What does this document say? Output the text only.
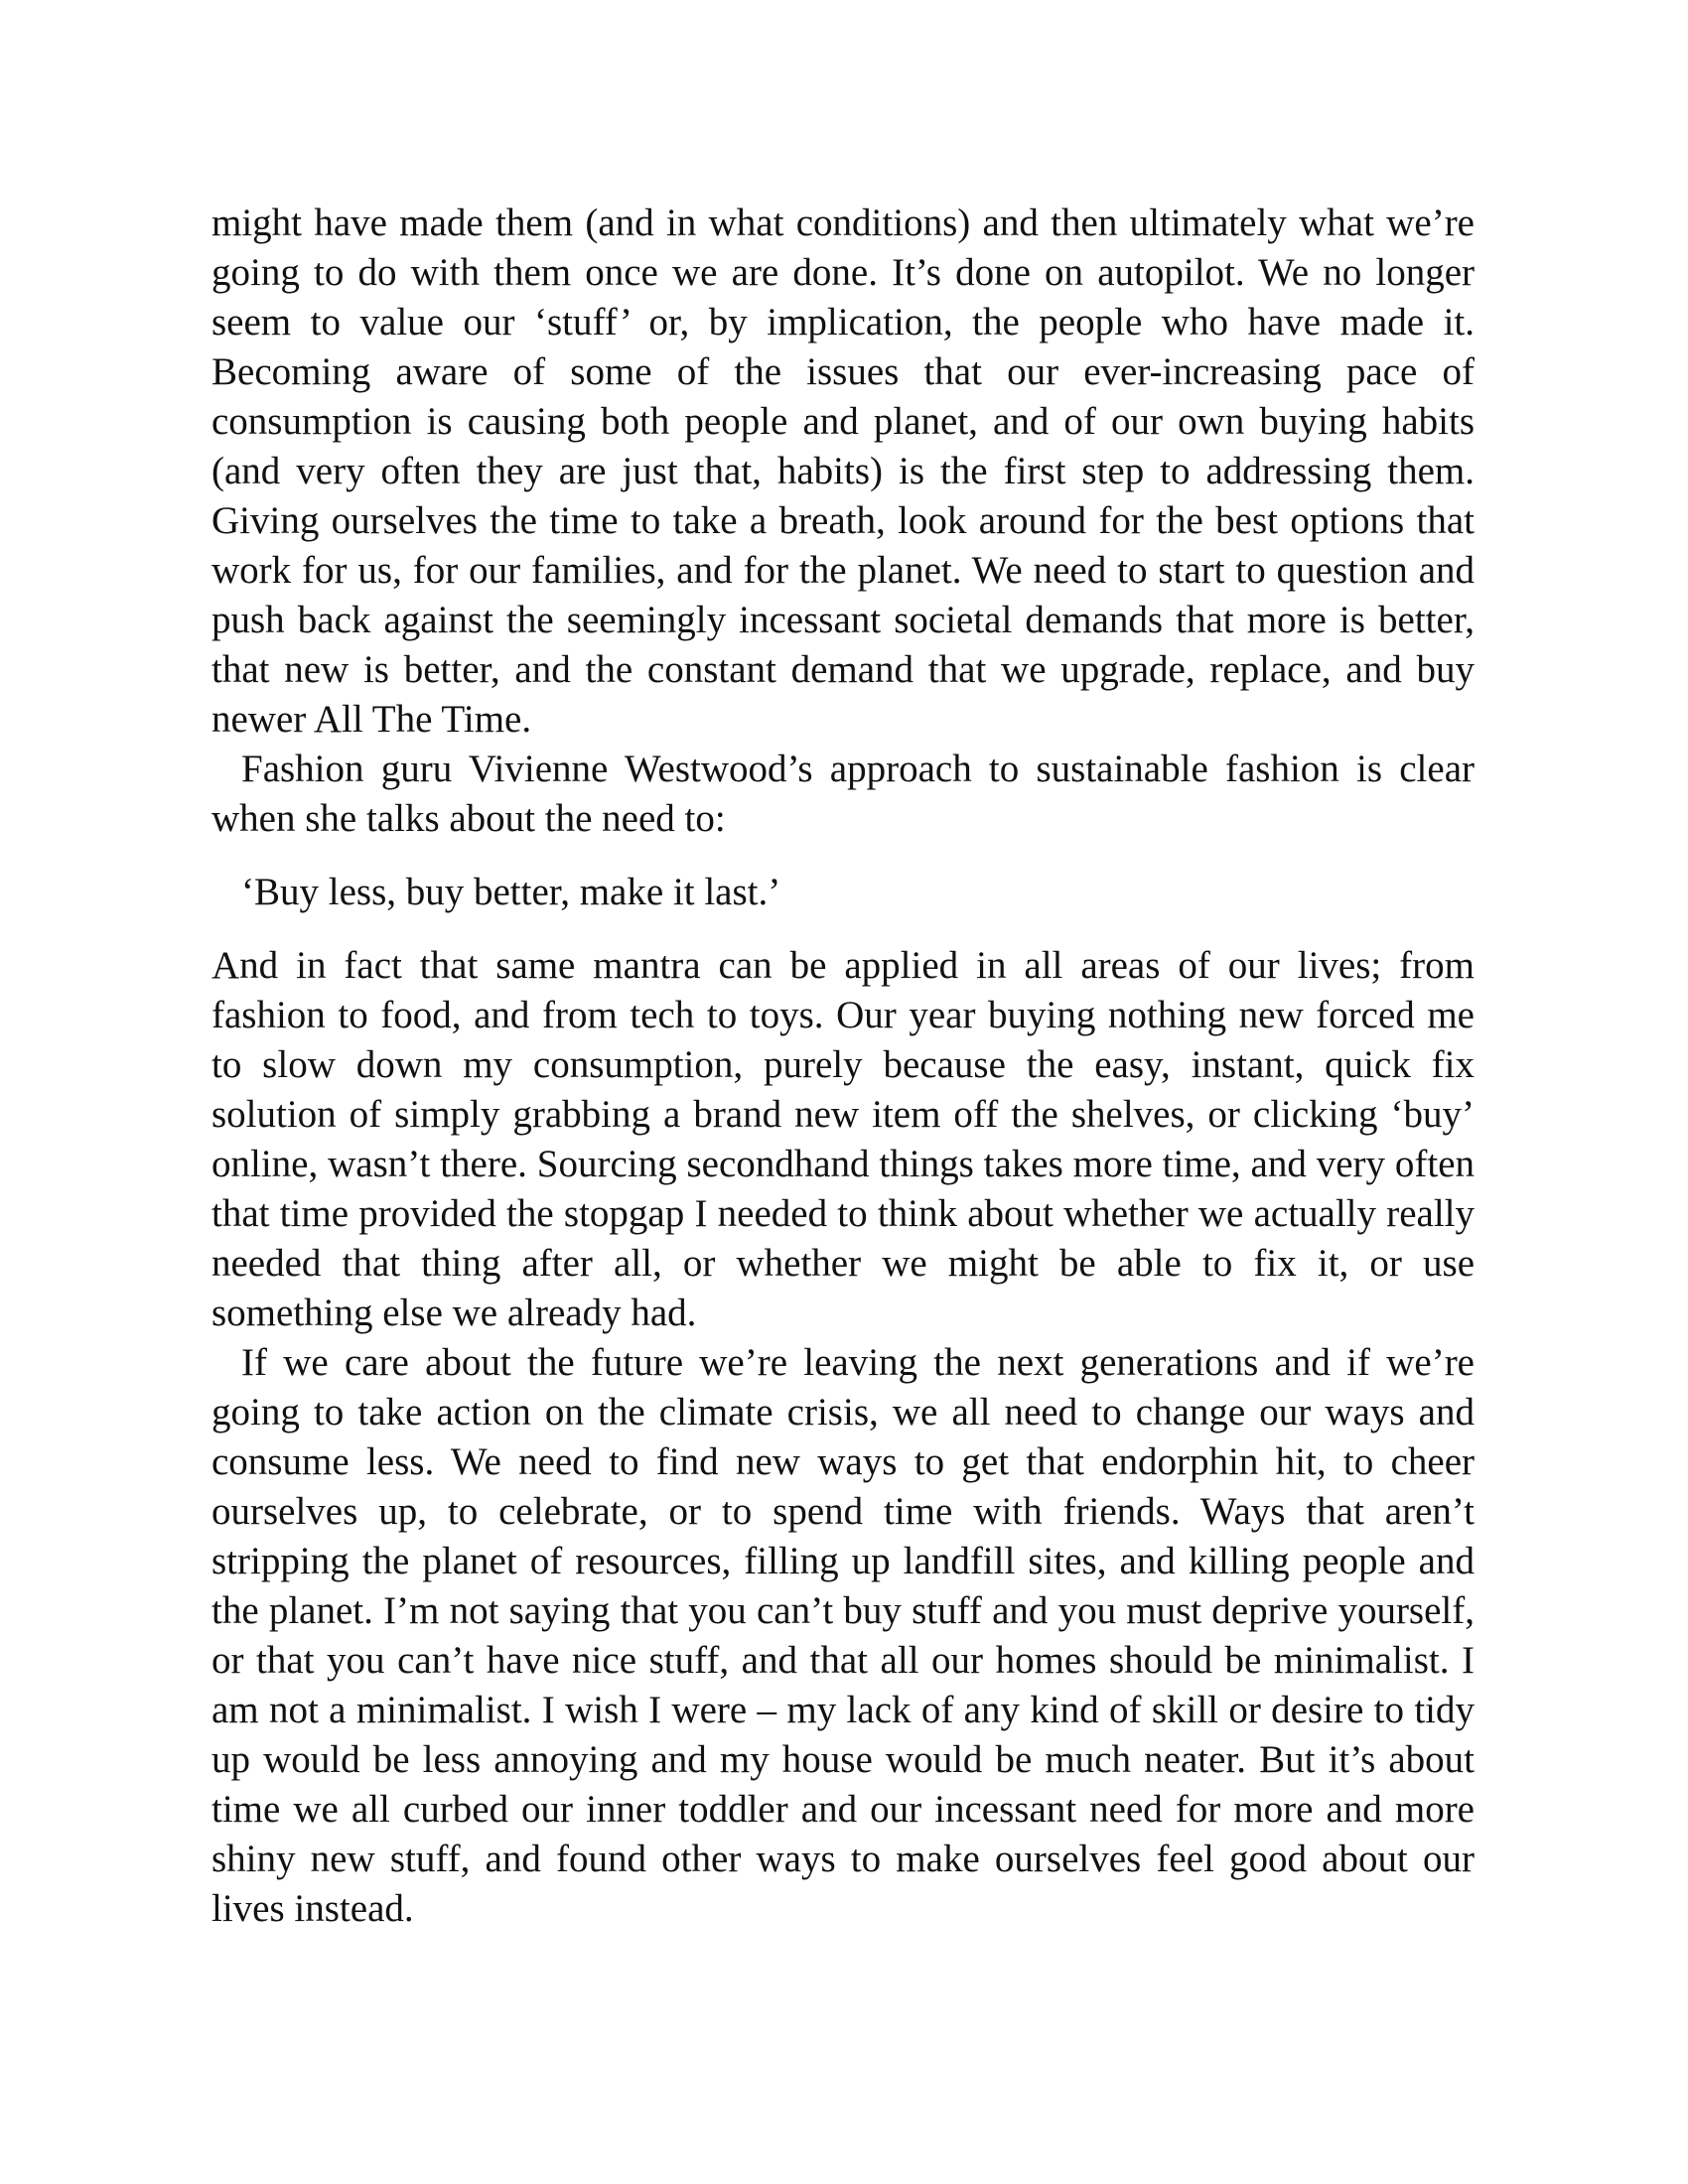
might have made them (and in what conditions) and then ultimately what we’re going to do with them once we are done. It’s done on autopilot. We no longer seem to value our ‘stuff’ or, by implication, the people who have made it. Becoming aware of some of the issues that our ever-increasing pace of consumption is causing both people and planet, and of our own buying habits (and very often they are just that, habits) is the first step to addressing them. Giving ourselves the time to take a breath, look around for the best options that work for us, for our families, and for the planet. We need to start to question and push back against the seemingly incessant societal demands that more is better, that new is better, and the constant demand that we upgrade, replace, and buy newer All The Time.

Fashion guru Vivienne Westwood’s approach to sustainable fashion is clear when she talks about the need to:

‘Buy less, buy better, make it last.’

And in fact that same mantra can be applied in all areas of our lives; from fashion to food, and from tech to toys. Our year buying nothing new forced me to slow down my consumption, purely because the easy, instant, quick fix solution of simply grabbing a brand new item off the shelves, or clicking ‘buy’ online, wasn’t there. Sourcing secondhand things takes more time, and very often that time provided the stopgap I needed to think about whether we actually really needed that thing after all, or whether we might be able to fix it, or use something else we already had.

If we care about the future we’re leaving the next generations and if we’re going to take action on the climate crisis, we all need to change our ways and consume less. We need to find new ways to get that endorphin hit, to cheer ourselves up, to celebrate, or to spend time with friends. Ways that aren’t stripping the planet of resources, filling up landfill sites, and killing people and the planet. I’m not saying that you can’t buy stuff and you must deprive yourself, or that you can’t have nice stuff, and that all our homes should be minimalist. I am not a minimalist. I wish I were – my lack of any kind of skill or desire to tidy up would be less annoying and my house would be much neater. But it’s about time we all curbed our inner toddler and our incessant need for more and more shiny new stuff, and found other ways to make ourselves feel good about our lives instead.
